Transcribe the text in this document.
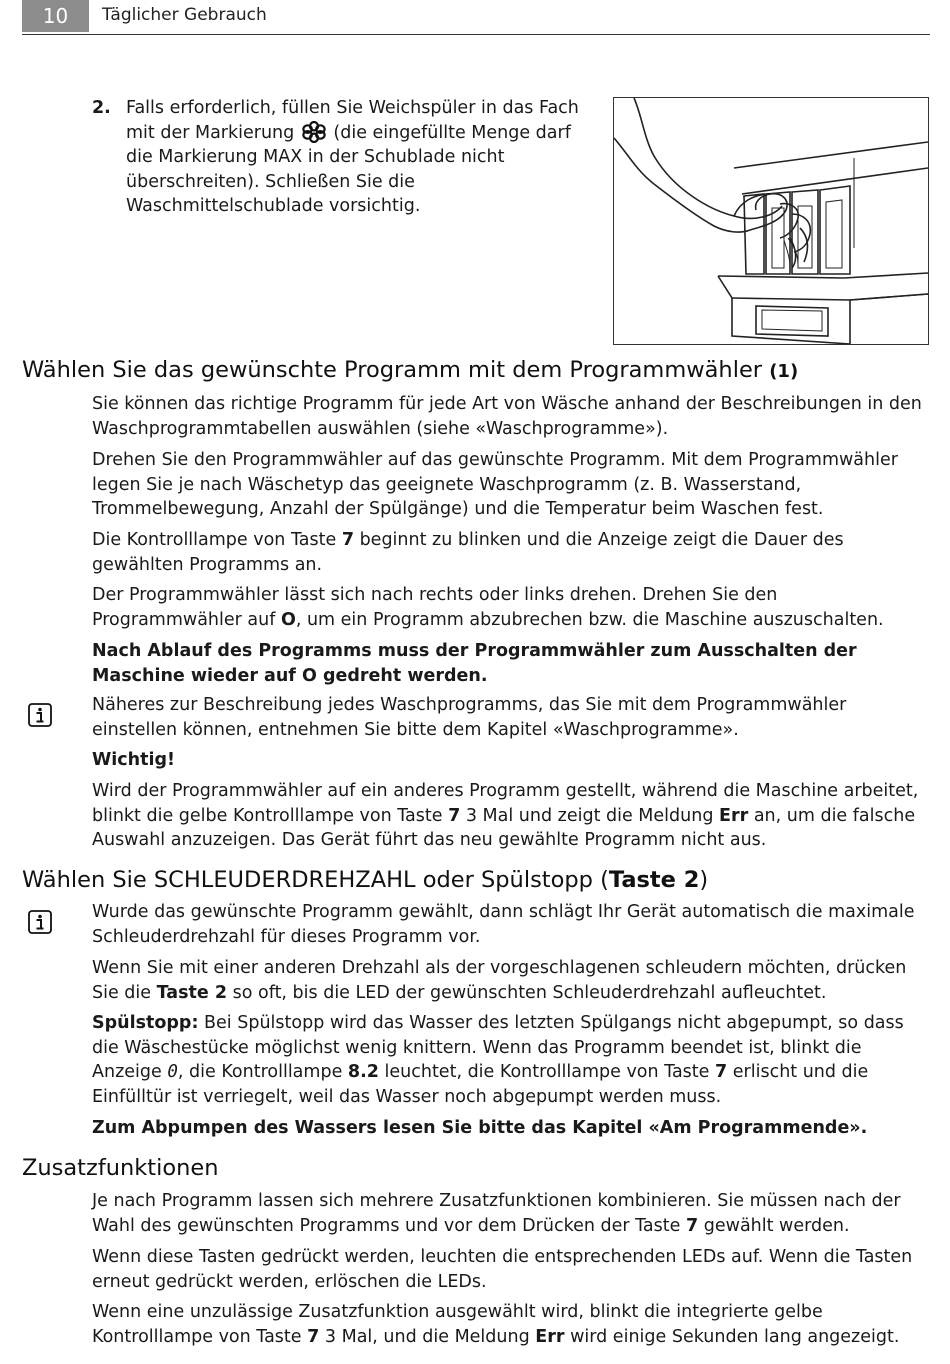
10	Täglicher Gebrauch
2. Falls erforderlich, füllen Sie Weichspüler in das Fach mit der Markierung (die eingefüllte Menge darf die Markierung MAX in der Schublade nicht überschreiten). Schließen Sie die Waschmittelschublade vorsichtig.
Wählen Sie das gewünschte Programm mit dem Programmwähler (1)

Sie können das richtige Programm für jede Art von Wäsche anhand der Beschreibungen in den Waschprogrammtabellen auswählen (siehe «Waschprogramme»).

Drehen Sie den Programmwähler auf das gewünschte Programm. Mit dem Programmwähler legen Sie je nach Wäschetyp das geeignete Waschprogramm (z. B. Wasserstand, Trommelbewegung, Anzahl der Spülgänge) und die Temperatur beim Waschen fest.

Die Kontrolllampe von Taste 7 beginnt zu blinken und die Anzeige zeigt die Dauer des gewählten Programms an.

Der Programmwähler lässt sich nach rechts oder links drehen. Drehen Sie den Programmwähler auf O, um ein Programm abzubrechen bzw. die Maschine auszuschalten.

Nach Ablauf des Programms muss der Programmwähler zum Ausschalten der Maschine wieder auf O gedreht werden.

Näheres zur Beschreibung jedes Waschprogramms, das Sie mit dem Programmwähler einstellen können, entnehmen Sie bitte dem Kapitel «Waschprogramme».

Wichtig!

Wird der Programmwähler auf ein anderes Programm gestellt, während die Maschine arbeitet, blinkt die gelbe Kontrolllampe von Taste 7 3 Mal und zeigt die Meldung Err an, um die falsche Auswahl anzuzeigen. Das Gerät führt das neu gewählte Programm nicht aus.

Wählen Sie SCHLEUDERDREHZAHL oder Spülstopp (Taste 2)

Wurde das gewünschte Programm gewählt, dann schlägt Ihr Gerät automatisch die maximale Schleuderdrehzahl für dieses Programm vor.

Wenn Sie mit einer anderen Drehzahl als der vorgeschlagenen schleudern möchten, drücken Sie die Taste 2 so oft, bis die LED der gewünschten Schleuderdrehzahl aufleuchtet.

Spülstopp: Bei Spülstopp wird das Wasser des letzten Spülgangs nicht abgepumpt, so dass die Wäschestücke möglichst wenig knittern. Wenn das Programm beendet ist, blinkt die Anzeige 0, die Kontrolllampe 8.2 leuchtet, die Kontrolllampe von Taste 7 erlischt und die Einfülltür ist verriegelt, weil das Wasser noch abgepumpt werden muss.

Zum Abpumpen des Wassers lesen Sie bitte das Kapitel «Am Programmende».

Zusatzfunktionen

Je nach Programm lassen sich mehrere Zusatzfunktionen kombinieren. Sie müssen nach der Wahl des gewünschten Programms und vor dem Drücken der Taste 7 gewählt werden.

Wenn diese Tasten gedrückt werden, leuchten die entsprechenden LEDs auf. Wenn die Tasten erneut gedrückt werden, erlöschen die LEDs.

Wenn eine unzulässige Zusatzfunktion ausgewählt wird, blinkt die integrierte gelbe Kontrolllampe von Taste 7 3 Mal, und die Meldung Err wird einige Sekunden lang angezeigt.
